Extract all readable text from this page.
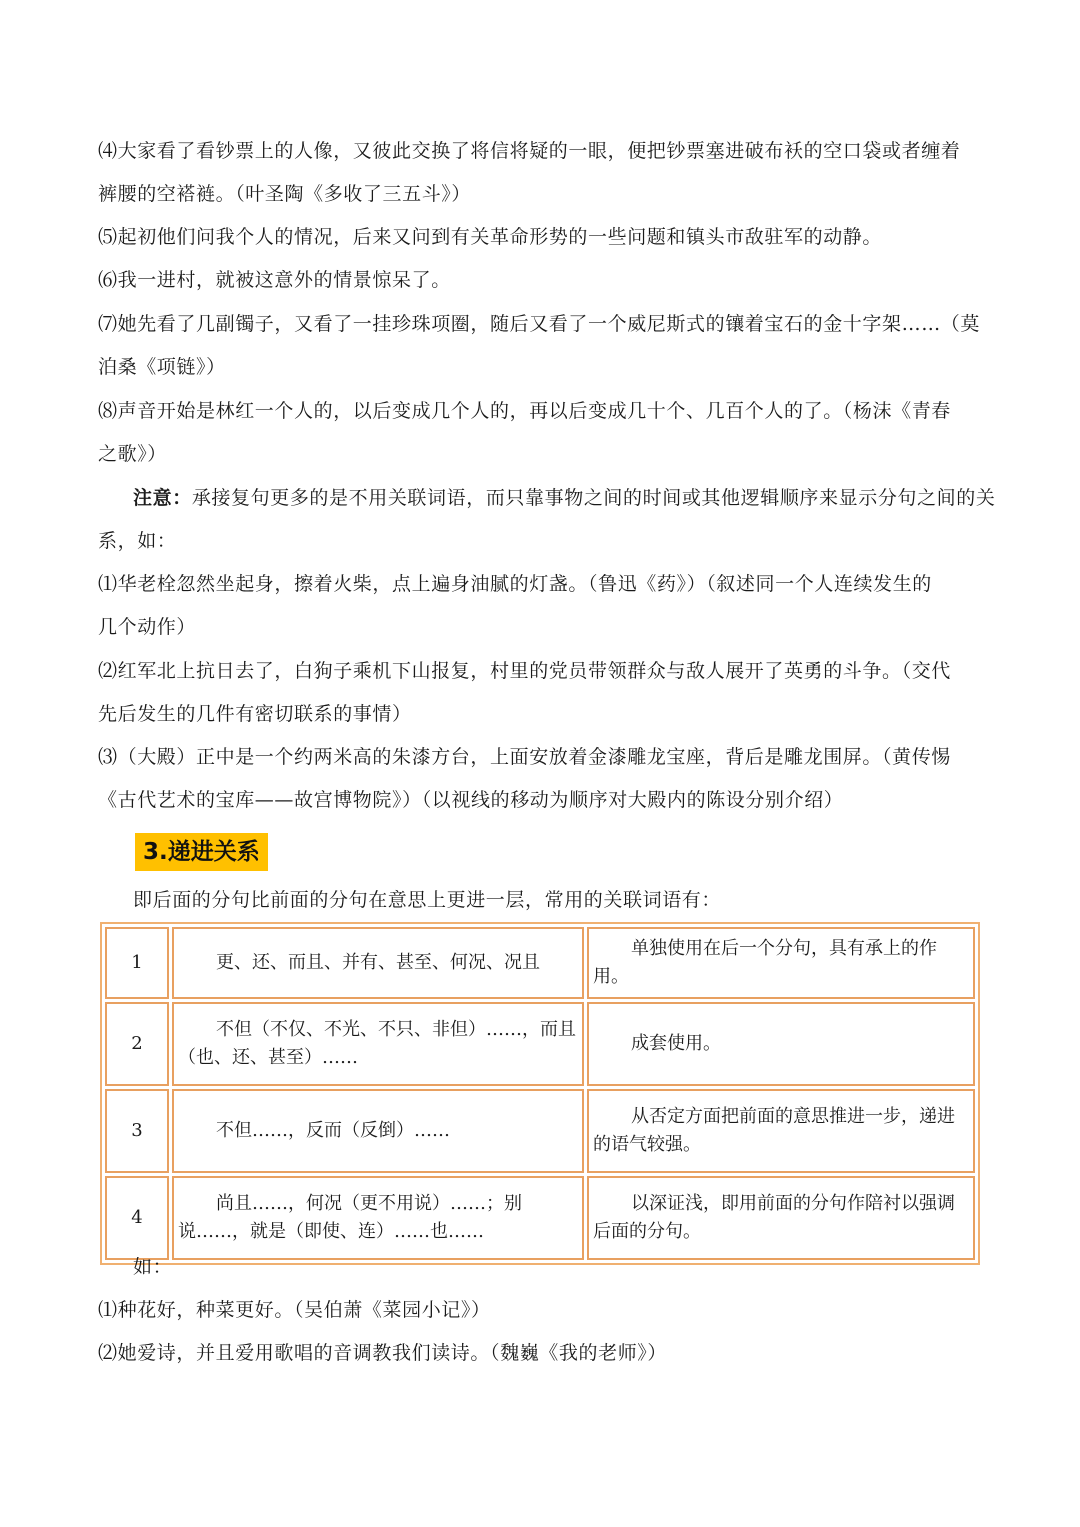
⑷大家看了看钞票上的人像，又彼此交换了将信将疑的一眼，便把钞票塞进破布袄的空口袋或者缠着
裤腰的空褡裢。（叶圣陶《多收了三五斗》）
⑸起初他们问我个人的情况，后来又问到有关革命形势的一些问题和镇头市敌驻军的动静。
⑹我一进村，就被这意外的情景惊呆了。
⑺她先看了几副镯子，又看了一挂珍珠项圈，随后又看了一个威尼斯式的镶着宝石的金十字架……（莫
泊桑《项链》）
⑻声音开始是林红一个人的，以后变成几个人的，再以后变成几十个、几百个人的了。（杨沫《青春
之歌》）
注意：承接复句更多的是不用关联词语，而只靠事物之间的时间或其他逻辑顺序来显示分句之间的关
系，如：
⑴华老栓忽然坐起身，擦着火柴，点上遍身油腻的灯盏。（鲁迅《药》）（叙述同一个人连续发生的
几个动作）
⑵红军北上抗日去了，白狗子乘机下山报复，村里的党员带领群众与敌人展开了英勇的斗争。（交代
先后发生的几件有密切联系的事情）
⑶（大殿）正中是一个约两米高的朱漆方台，上面安放着金漆雕龙宝座，背后是雕龙围屏。（黄传惕
《古代艺术的宝库——故宫博物院》）（以视线的移动为顺序对大殿内的陈设分别介绍）
3.递进关系
即后面的分句比前面的分句在意思上更进一层，常用的关联词语有：
1	更、还、而且、并有、甚至、何况、况且	单独使用在后一个分句，具有承上的作用。
2	不但（不仅、不光、不只、非但）……，而且（也、还、甚至）……	成套使用。
3	不但……，反而（反倒）……	从否定方面把前面的意思推进一步，递进的语气较强。
4	尚且……，何况（更不用说）……；别说……，就是（即使、连）……也……	以深证浅，即用前面的分句作陪衬以强调后面的分句。
如：
⑴种花好，种菜更好。（吴伯萧《菜园小记》）
⑵她爱诗，并且爱用歌唱的音调教我们读诗。（魏巍《我的老师》）
